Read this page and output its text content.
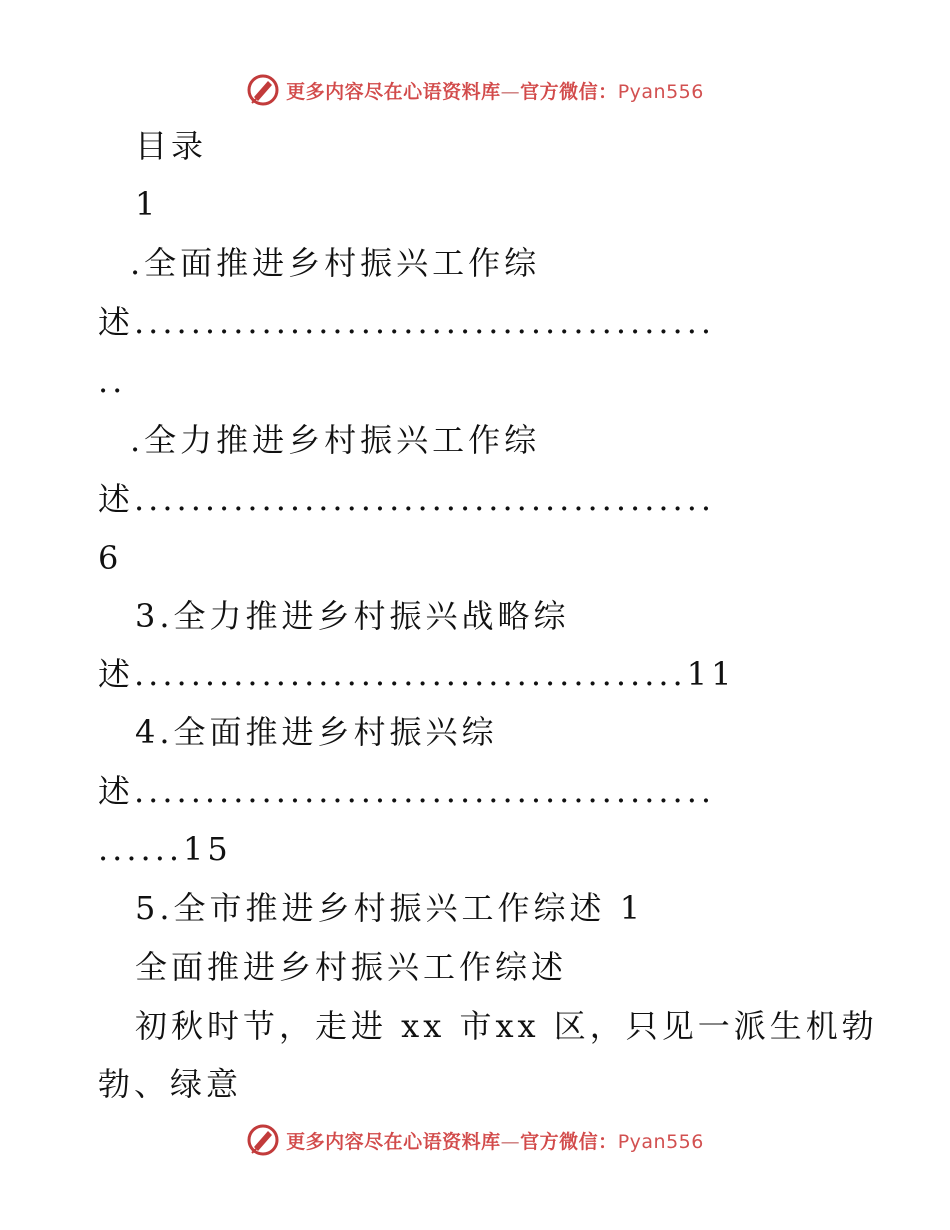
更多内容尽在心语资料库—官方微信：Pyan556
目录
1
.全面推进乡村振兴工作综
述.........................................
..
.全力推进乡村振兴工作综
述.........................................
6
3.全力推进乡村振兴战略综
述.......................................11
4.全面推进乡村振兴综
述.........................................
......15
5.全市推进乡村振兴工作综述 1
全面推进乡村振兴工作综述
初秋时节，走进 xx 市xx 区，只见一派生机勃
勃、绿意
更多内容尽在心语资料库—官方微信：Pyan556
